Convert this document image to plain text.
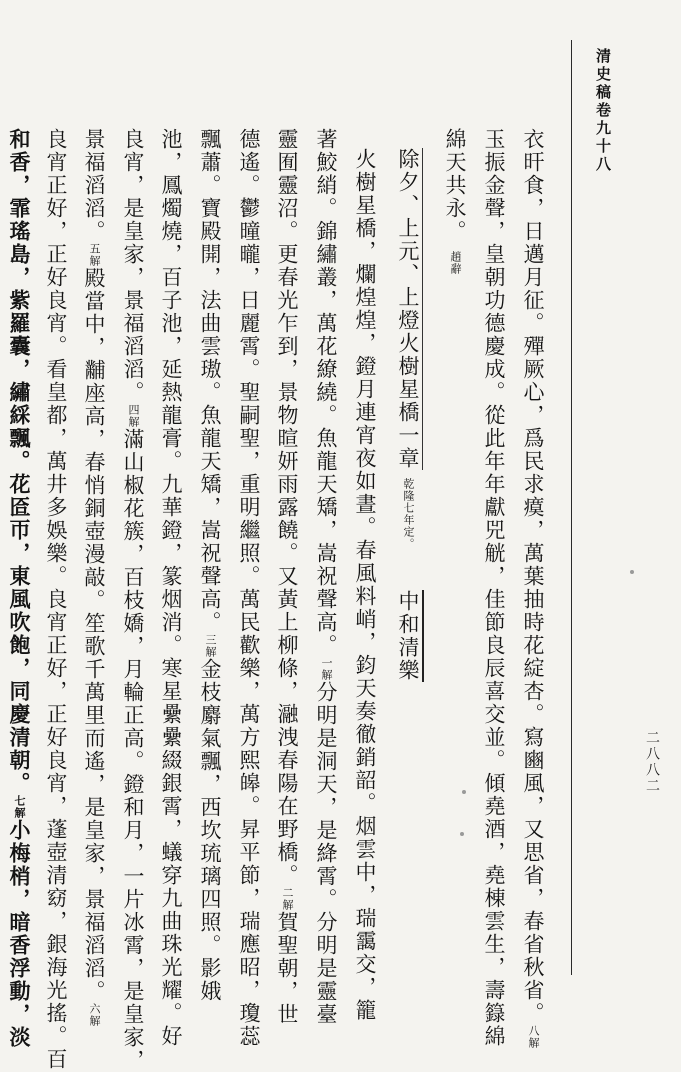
清史稿卷九十八
二八八二
衣旰食，日邁月征。殫厥心，爲民求瘼，萬葉抽時花綻杏。寫豳風，又思省，春省秋省。八解
玉振金聲，皇朝功德慶成。從此年年獻兕觥，佳節良辰喜交並。傾堯酒，堯棟雲生，壽籙綿
綿天共永。趙辭
除夕、上元、上燈火樹星橋一章乾隆七年定。中和清樂
火樹星橋，爛煌煌，鐙月連宵夜如晝。春風料峭，鈞天奏徹銷韶。烟雲中，瑞靄交，籠
著鮫綃。錦繡叢，萬花繚繞。魚龍天矯，嵩祝聲高。一解分明是洞天，是絳霄。分明是靈臺
靈囿靈沼。更春光乍到，景物暄妍雨露饒。又黃上柳條，瀜洩春陽在野橋。二解賀聖朝，世
德遙。鬱曈曨，日麗霄。聖嗣聖，重明繼照。萬民歡樂，萬方熙皞。昇平節，瑞應昭，瓊蕊
飄蕭。寶殿開，法曲雲璈。魚龍天矯，嵩祝聲高。三解金枝麝氣飄，西坎琉璃四照。影娥
池，鳳燭燒，百子池，延熱龍膏。九華鐙，篆烟消。寒星纍纍綴銀霄，蟻穿九曲珠光耀。好
良宵，是皇家，景福滔滔。四解滿山椒花簇，百枝嬌，月輪正高。鐙和月，一片冰霄，是皇家，
景福滔滔。五解殿當中，黼座高，春悄銅壺漫敲。笙歌千萬里而遙，是皇家，景福滔滔。六解
良宵正好，正好良宵。看皇都，萬井多娛樂。良宵正好，正好良宵，蓬壺清窈，銀海光搖。百
和香，霏瑤島，紫羅囊，繡綵飄。花匼帀，東風吹飽，同慶清朝。七解小梅梢，暗香浮動，淡
